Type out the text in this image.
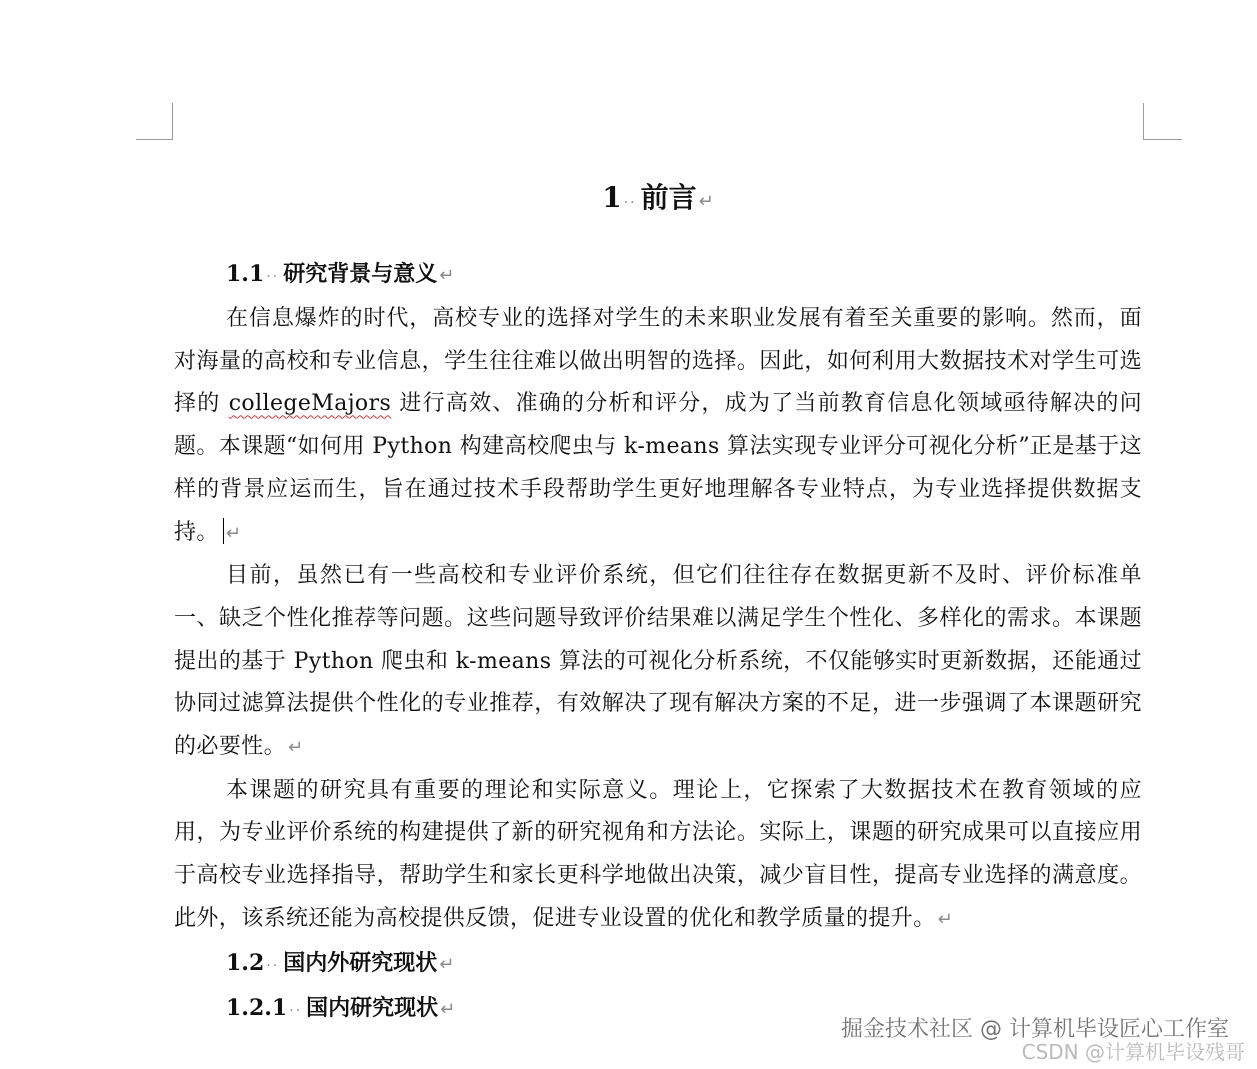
1 ·· 前言 ↵
1.1 ·· 研究背景与意义 ↵

在信息爆炸的时代，高校专业的选择对学生的未来职业发展有着至关重要的影响。然而，面对海量的高校和专业信息，学生往往难以做出明智的选择。因此，如何利用大数据技术对学生可选择的 collegeMajors 进行高效、准确的分析和评分，成为了当前教育信息化领域亟待解决的问题。本课题“如何用 Python 构建高校爬虫与 k-means 算法实现专业评分可视化分析”正是基于这样的背景应运而生，旨在通过技术手段帮助学生更好地理解各专业特点，为专业选择提供数据支持。 ↵

目前，虽然已有一些高校和专业评价系统，但它们往往存在数据更新不及时、评价标准单一、缺乏个性化推荐等问题。这些问题导致评价结果难以满足学生个性化、多样化的需求。本课题提出的基于 Python 爬虫和 k-means 算法的可视化分析系统，不仅能够实时更新数据，还能通过协同过滤算法提供个性化的专业推荐，有效解决了现有解决方案的不足，进一步强调了本课题研究的必要性。 ↵

本课题的研究具有重要的理论和实际意义。理论上，它探索了大数据技术在教育领域的应用，为专业评价系统的构建提供了新的研究视角和方法论。实际上，课题的研究成果可以直接应用于高校专业选择指导，帮助学生和家长更科学地做出决策，减少盲目性，提高专业选择的满意度。此外，该系统还能为高校提供反馈，促进专业设置的优化和教学质量的提升。 ↵

1.2 ·· 国内外研究现状 ↵
1.2.1 ·· 国内研究现状 ↵
掘金技术社区 @ 计算机毕设匠心工作室
CSDN @计算机毕设残哥
